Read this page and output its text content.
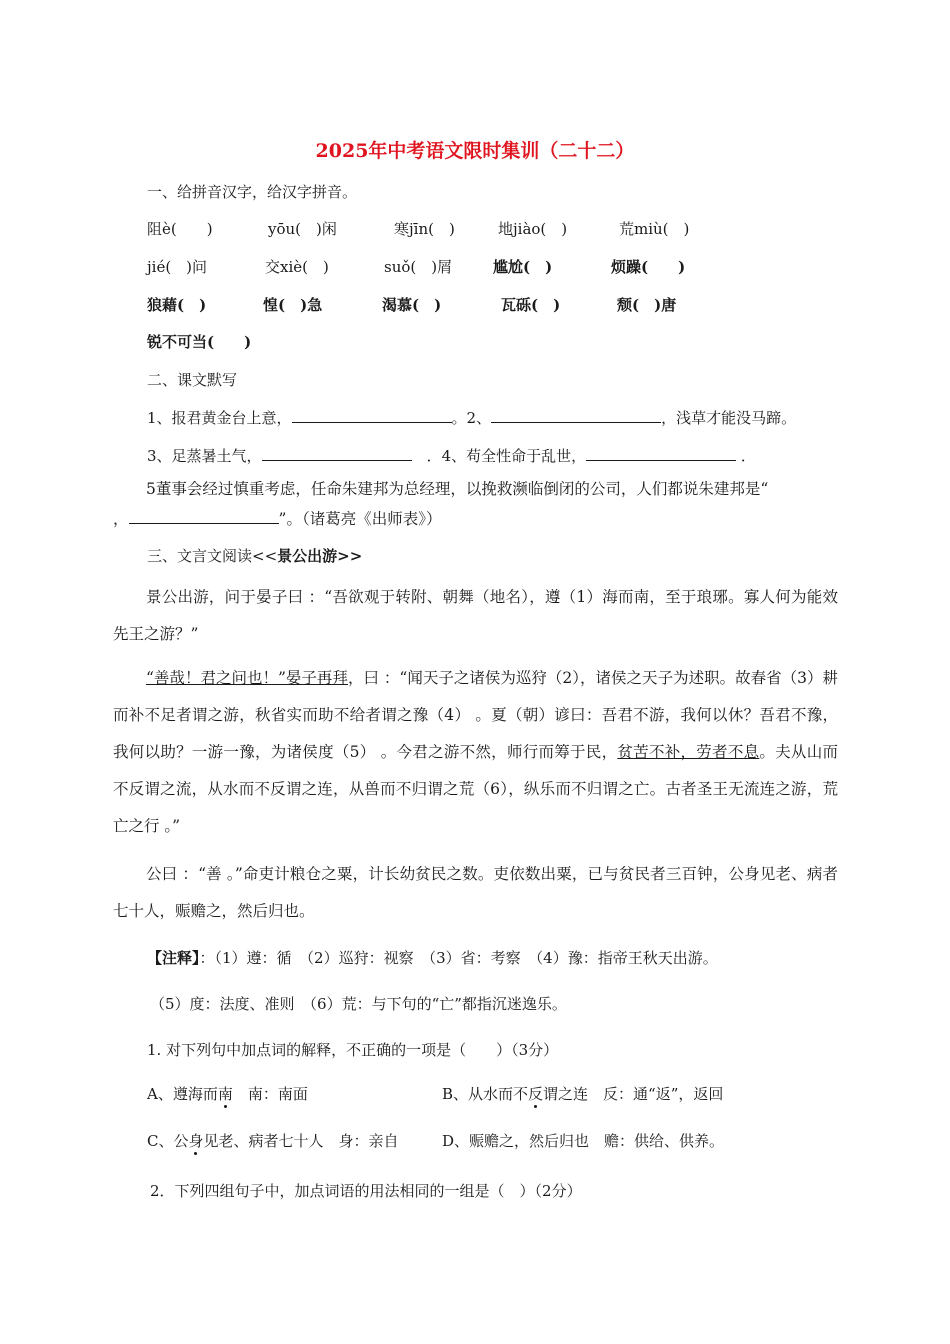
2025年中考语文限时集训（二十二）
一、给拼音汉字，给汉字拼音。
阻è(　　)	yōu(　)闲	寒jīn(　)	地jiào(　)	荒miù(　)
jié(　)问	交xiè(　)	suǒ(　)屑	尴尬(　)	烦躁(　　)
狼藉(　)	惶(　)急	渴慕(　)	瓦砾(　)	颓(　)唐
锐不可当(　　)
二、课文默写
1、报君黄金台上意，	。2、	，浅草才能没马蹄。
3、足蒸暑土气，　	．4、苟全性命于乱世，	．
5董事会经过慎重考虑，任命朱建邦为总经理，以挽救濒临倒闭的公司，人们都说朱建邦是“
，	”。（诸葛亮《出师表》）
三、文言文阅读<<景公出游>>
景公出游，问于晏子曰 ：“吾欲观于转附、朝舞（地名），遵（1）海而南，至于琅琊。寡人何为能效先王之游？”
“善哉！君之问也！”晏子再拜，曰 ：“闻天子之诸侯为巡狩（2），诸侯之天子为述职。故春省（3）耕而补不足者谓之游，秋省实而助不给者谓之豫（4） 。夏（朝）谚曰：吾君不游，我何以休？吾君不豫，我何以助？一游一豫，为诸侯度（5） 。今君之游不然，师行而筹于民，贫苦不补，劳者不息。夫从山而不反谓之流，从水而不反谓之连，从兽而不归谓之荒（6），纵乐而不归谓之亡。古者圣王无流连之游，荒亡之行 。”
公曰 ：“善 。”命吏计粮仓之粟，计长幼贫民之数。吏依数出粟，已与贫民者三百钟，公身见老、病者七十人，赈赡之，然后归也。
【注释】：（1）遵：循　（2）巡狩：视察　（3）省：考察　（4）豫：指帝王秋天出游。
（5）度：法度、准则　（6）荒：与下句的“亡”都指沉迷逸乐。
1. 对下列句中加点词的解释，不正确的一项是（　　）（3分）
A、遵海而南　南：南面	B、从水而不反谓之连　反：通“返”，返回
C、公身见老、病者七十人　身：亲自	D、赈赡之，然后归也　赡：供给、供养。
2．下列四组句子中，加点词语的用法相同的一组是（　）（2分）
